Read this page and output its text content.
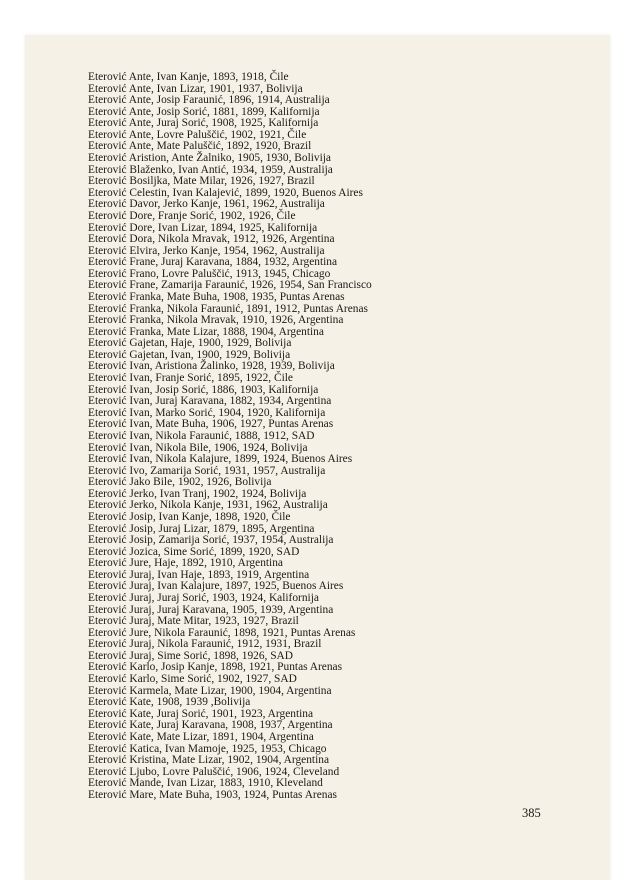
Eterović Ante, Ivan Kanje, 1893, 1918, Čile
Eterović Ante, Ivan Lizar, 1901, 1937, Bolivija
Eterović Ante, Josip Faraunić, 1896, 1914, Australija
Eterović Ante, Josip Sorić, 1881, 1899, Kalifornija
Eterović Ante, Juraj Sorić, 1908, 1925, Kalifornija
Eterović Ante, Lovre Paluščić, 1902, 1921, Čile
Eterović Ante, Mate Paluščić, 1892, 1920, Brazil
Eterović Aristion, Ante Žalniko, 1905, 1930, Bolivija
Eterović Blaženko, Ivan Antić, 1934, 1959, Australija
Eterović Bosiljka, Mate Milar, 1926, 1927, Brazil
Eterović Celestin, Ivan Kalajević, 1899, 1920, Buenos Aires
Eterović Davor, Jerko Kanje, 1961, 1962, Australija
Eterović Dore, Franje Sorić, 1902, 1926, Čile
Eterović Dore, Ivan Lizar, 1894, 1925, Kalifornija
Eterović Dora, Nikola Mravak, 1912, 1926, Argentina
Eterović Elvira, Jerko Kanje, 1954, 1962, Australija
Eterović Frane, Juraj Karavana, 1884, 1932, Argentina
Eterović Frano, Lovre Paluščić, 1913, 1945, Chicago
Eterović Frane, Zamarija Faraunić, 1926, 1954, San Francisco
Eterović Franka, Mate Buha, 1908, 1935, Puntas Arenas
Eterović Franka, Nikola Faraunić, 1891, 1912, Puntas Arenas
Eterović Franka, Nikola Mravak, 1910, 1926, Argentina
Eterović Franka, Mate Lizar, 1888, 1904, Argentina
Eterović Gajetan, Haje, 1900, 1929, Bolivija
Eterović Gajetan, Ivan, 1900, 1929, Bolivija
Eterović Ivan, Aristiona Žalinko, 1928, 1939, Bolivija
Eterović Ivan, Franje Sorić, 1895, 1922, Čile
Eterović Ivan, Josip Sorić, 1886, 1903, Kalifornija
Eterović Ivan, Juraj Karavana, 1882, 1934, Argentina
Eterović Ivan, Marko Sorić, 1904, 1920, Kalifornija
Eterović Ivan, Mate Buha, 1906, 1927, Puntas Arenas
Eterović Ivan, Nikola Faraunić, 1888, 1912, SAD
Eterović Ivan, Nikola Bile, 1906, 1924, Bolivija
Eterović Ivan, Nikola Kalajure, 1899, 1924, Buenos Aires
Eterović Ivo, Zamarija Sorić, 1931, 1957, Australija
Eterović Jako Bile, 1902, 1926, Bolivija
Eterović Jerko, Ivan Tranj, 1902, 1924, Bolivija
Eterović Jerko, Nikola Kanje, 1931, 1962, Australija
Eterović Josip, Ivan Kanje, 1898, 1920, Čile
Eterović Josip, Juraj Lizar, 1879, 1895, Argentina
Eterović Josip, Zamarija Sorić, 1937, 1954, Australija
Eterović Jozica, Sime Sorić, 1899, 1920, SAD
Eterović Jure, Haje, 1892, 1910, Argentina
Eterović Juraj, Ivan Haje, 1893, 1919, Argentina
Eterović Juraj, Ivan Kalajure, 1897, 1925, Buenos Aires
Eterović Juraj, Juraj Sorić, 1903, 1924, Kalifornija
Eterović Juraj, Juraj Karavana, 1905, 1939, Argentina
Eterović Juraj, Mate Mitar, 1923, 1927, Brazil
Eterović Jure, Nikola Faraunić, 1898, 1921, Puntas Arenas
Eterović Juraj, Nikola Faraunić, 1912, 1931, Brazil
Eterović Juraj, Sime Sorić, 1898, 1926, SAD
Eterović Karlo, Josip Kanje, 1898, 1921, Puntas Arenas
Eterović Karlo, Sime Sorić, 1902, 1927, SAD
Eterović Karmela, Mate Lizar, 1900, 1904, Argentina
Eterović Kate, 1908, 1939 ,Bolivija
Eterović Kate, Juraj Sorić, 1901, 1923, Argentina
Eterović Kate, Juraj Karavana, 1908, 1937, Argentina
Eterović Kate, Mate Lizar, 1891, 1904, Argentina
Eterović Katica, Ivan Mamoje, 1925, 1953, Chicago
Eterović Kristina, Mate Lizar, 1902, 1904, Argentina
Eterović Ljubo, Lovre Paluščić, 1906, 1924, Cleveland
Eterović Mande, Ivan Lizar, 1883, 1910, Kleveland
Eterović Mare, Mate Buha, 1903, 1924, Puntas Arenas
385
